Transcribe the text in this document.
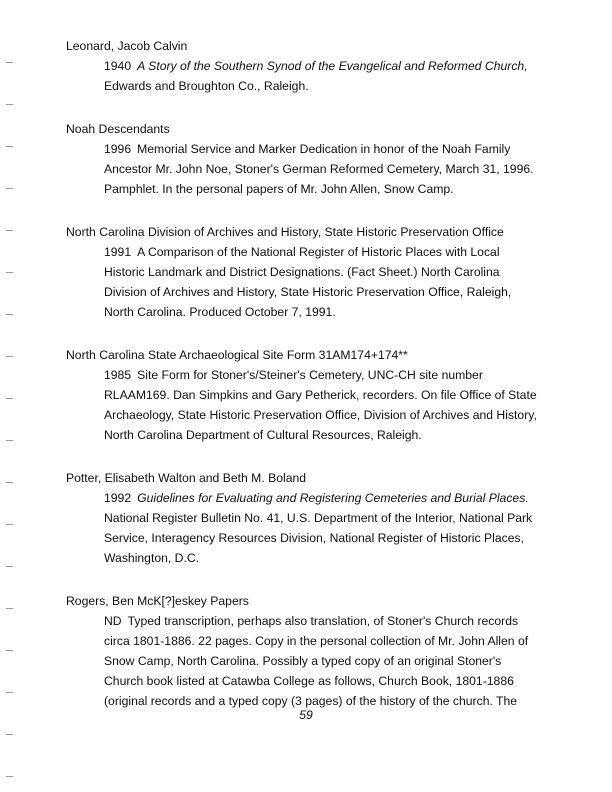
Leonard, Jacob Calvin
1940 A Story of the Southern Synod of the Evangelical and Reformed Church,
Edwards and Broughton Co., Raleigh.
Noah Descendants
1996 Memorial Service and Marker Dedication in honor of the Noah Family Ancestor Mr. John Noe, Stoner's German Reformed Cemetery, March 31, 1996. Pamphlet. In the personal papers of Mr. John Allen, Snow Camp.
North Carolina Division of Archives and History, State Historic Preservation Office
1991 A Comparison of the National Register of Historic Places with Local Historic Landmark and District Designations. (Fact Sheet.) North Carolina Division of Archives and History, State Historic Preservation Office, Raleigh, North Carolina. Produced October 7, 1991.
North Carolina State Archaeological Site Form 31AM174+174**
1985 Site Form for Stoner's/Steiner's Cemetery, UNC-CH site number RLAAM169. Dan Simpkins and Gary Petherick, recorders. On file Office of State Archaeology, State Historic Preservation Office, Division of Archives and History, North Carolina Department of Cultural Resources, Raleigh.
Potter, Elisabeth Walton and Beth M. Boland
1992 Guidelines for Evaluating and Registering Cemeteries and Burial Places.
National Register Bulletin No. 41, U.S. Department of the Interior, National Park Service, Interagency Resources Division, National Register of Historic Places, Washington, D.C.
Rogers, Ben McK[?]eskey Papers
ND Typed transcription, perhaps also translation, of Stoner's Church records circa 1801-1886. 22 pages. Copy in the personal collection of Mr. John Allen of Snow Camp, North Carolina. Possibly a typed copy of an original Stoner's Church book listed at Catawba College as follows, Church Book, 1801-1886 (original records and a typed copy (3 pages) of the history of the church. The
59
